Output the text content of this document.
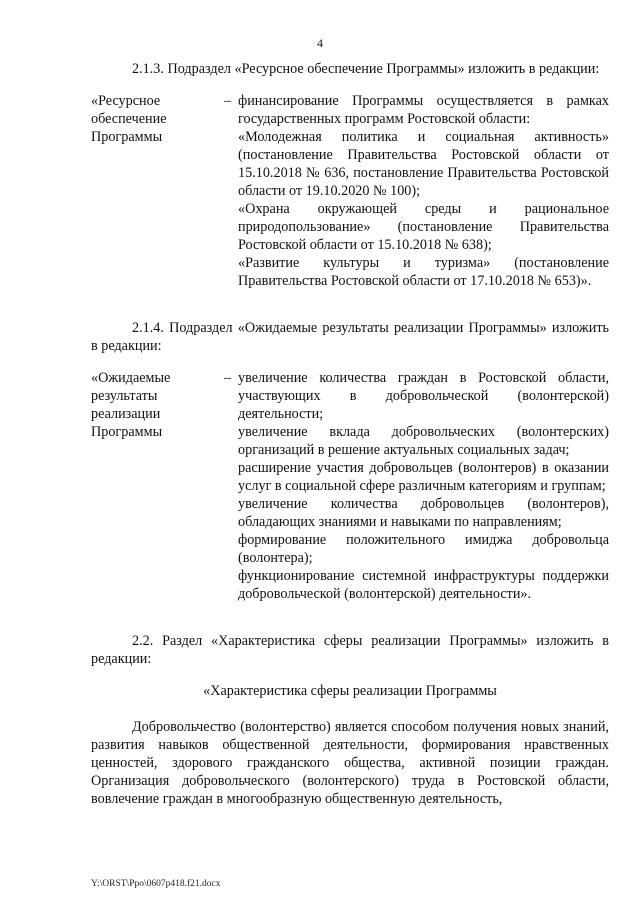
4

2.1.3. Подраздел «Ресурсное обеспечение Программы» изложить в редакции:

«Ресурсное
обеспечение
Программы
– финансирование Программы осуществляется в рамках государственных программ Ростовской области:

«Молодежная политика и социальная активность» (постановление Правительства Ростовской области от 15.10.2018 № 636, постановление Правительства Ростовской области от 19.10.2020 № 100);

«Охрана окружающей среды и рациональное природопользование» (постановление Правительства Ростовской области от 15.10.2018 № 638);

«Развитие культуры и туризма» (постановление Правительства Ростовской области от 17.10.2018 № 653)».

2.1.4. Подраздел «Ожидаемые результаты реализации Программы» изложить в редакции:

«Ожидаемые
результаты
реализации
Программы
– увеличение количества граждан в Ростовской области, участвующих в добровольческой (волонтерской) деятельности;

увеличение вклада добровольческих (волонтерских) организаций в решение актуальных социальных задач;

расширение участия добровольцев (волонтеров) в оказании услуг в социальной сфере различным категориям и группам;

увеличение количества добровольцев (волонтеров), обладающих знаниями и навыками по направлениям;

формирование положительного имиджа добровольца (волонтера);

функционирование системной инфраструктуры поддержки добровольческой (волонтерской) деятельности».

2.2. Раздел «Характеристика сферы реализации Программы» изложить в редакции:

«Характеристика сферы реализации Программы

Добровольчество (волонтерство) является способом получения новых знаний, развития навыков общественной деятельности, формирования нравственных ценностей, здорового гражданского общества, активной позиции граждан. Организация добровольческого (волонтерского) труда в Ростовской области, вовлечение граждан в многообразную общественную деятельность,

Y:\ORST\Ppo\0607p418.f21.docx
